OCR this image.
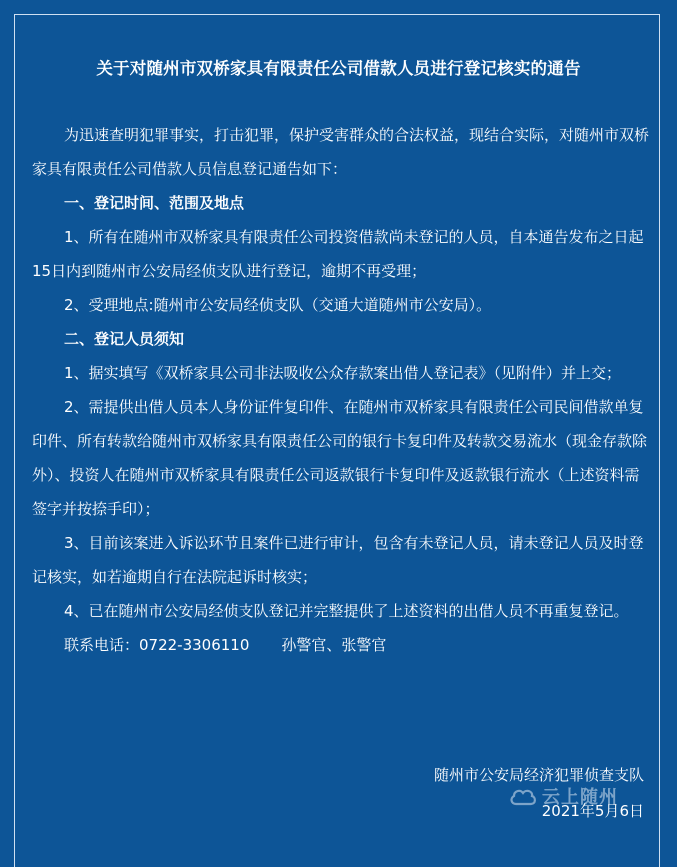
关于对随州市双桥家具有限责任公司借款人员进行登记核实的通告

为迅速查明犯罪事实，打击犯罪，保护受害群众的合法权益，现结合实际，对随州市双桥家具有限责任公司借款人员信息登记通告如下：

一、登记时间、范围及地点

1、所有在随州市双桥家具有限责任公司投资借款尚未登记的人员，自本通告发布之日起15日内到随州市公安局经侦支队进行登记，逾期不再受理；

2、受理地点:随州市公安局经侦支队（交通大道随州市公安局）。

二、登记人员须知

1、据实填写《双桥家具公司非法吸收公众存款案出借人登记表》（见附件）并上交；

2、需提供出借人员本人身份证件复印件、在随州市双桥家具有限责任公司民间借款单复印件、所有转款给随州市双桥家具有限责任公司的银行卡复印件及转款交易流水（现金存款除外）、投资人在随州市双桥家具有限责任公司返款银行卡复印件及返款银行流水（上述资料需签字并按捺手印）；

3、目前该案进入诉讼环节且案件已进行审计，包含有未登记人员，请未登记人员及时登记核实，如若逾期自行在法院起诉时核实；

4、已在随州市公安局经侦支队登记并完整提供了上述资料的出借人员不再重复登记。

联系电话：0722-3306110 孙警官、张警官
随州市公安局经济犯罪侦查支队
2021年5月6日
云上随州
